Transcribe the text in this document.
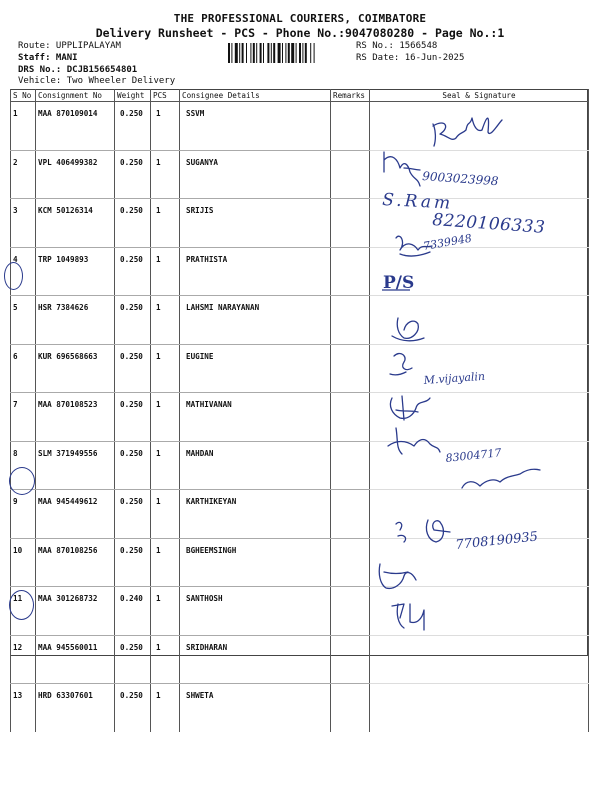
THE PROFESSIONAL COURIERS, COIMBATORE
Delivery Runsheet - PCS - Phone No.:9047080280 - Page No.:1
Route: UPPLIPALAYAM
Staff: MANI
DRS No.: DCJB156654801
Vehicle: Two Wheeler Delivery
RS No.: 1566548
RS Date: 16-Jun-2025
S No	Consignment No	Weight	PCS	Consignee Details	Remarks	Seal & Signature
1	MAA 870109014	0.250	1	SSVM		
2	VPL 406499382	0.250	1	SUGANYA		
3	KCM 50126314	0.250	1	SRIJIS		
4	TRP 1049893	0.250	1	PRATHISTA		
5	HSR 7384626	0.250	1	LAHSMI NARAYANAN		
6	KUR 696568663	0.250	1	EUGINE		
7	MAA 870108523	0.250	1	MATHIVANAN		
8	SLM 371949556	0.250	1	MAHDAN		
9	MAA 945449612	0.250	1	KARTHIKEYAN		
10	MAA 870108256	0.250	1	BGHEEMSINGH		
11	MAA 301268732	0.240	1	SANTHOSH		
12	MAA 945560011	0.250	1	SRIDHARAN		
13	HRD 63307601	0.250	1	SHWETA		
9003023998
S.Ram
8220106333
7339948
P/S
M.vijayalin
83004717
7708190935
